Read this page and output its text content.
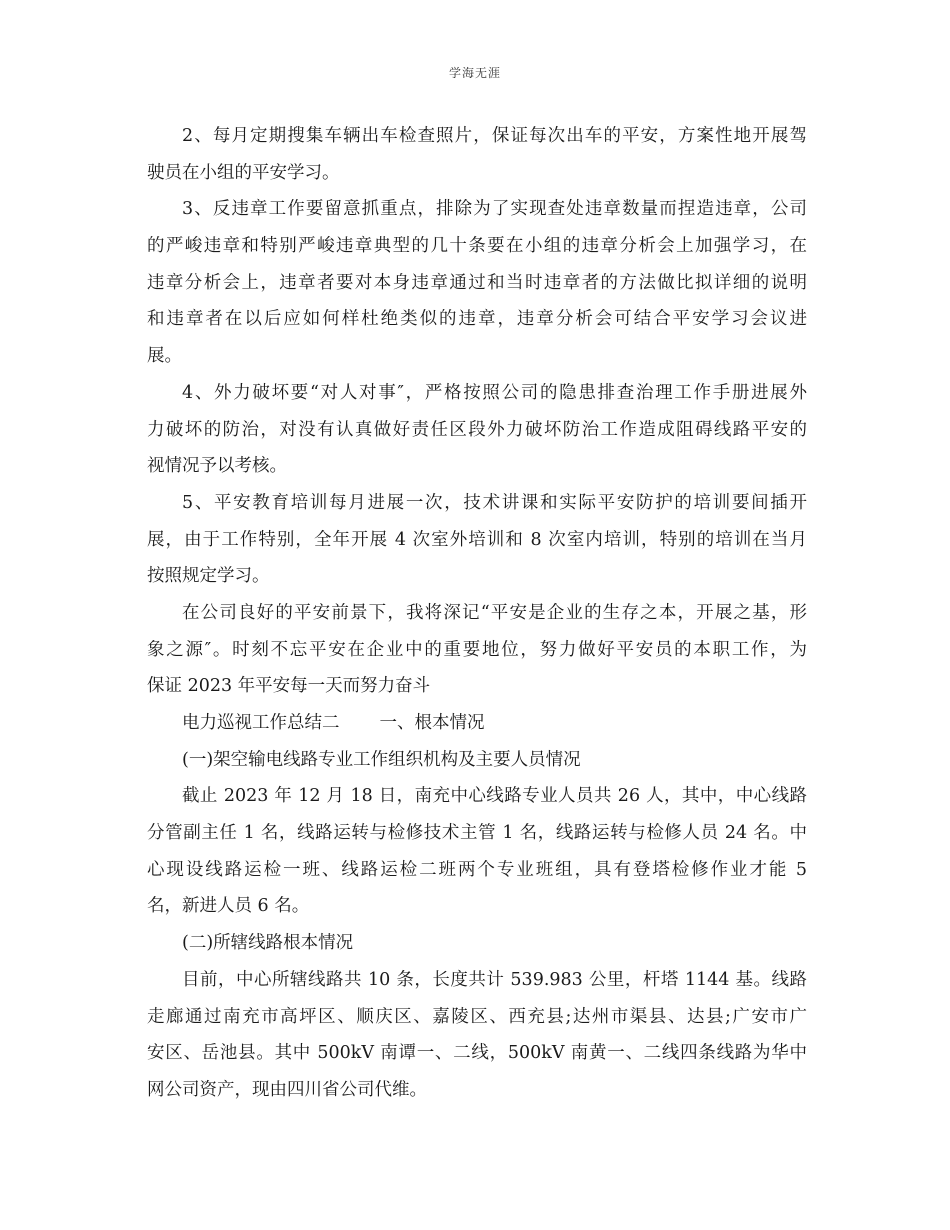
学海无涯
2、每月定期搜集车辆出车检查照片，保证每次出车的平安，方案性地开展驾
驶员在小组的平安学习。
3、反违章工作要留意抓重点，排除为了实现查处违章数量而捏造违章，公司
的严峻违章和特别严峻违章典型的几十条要在小组的违章分析会上加强学习，在
违章分析会上，违章者要对本身违章通过和当时违章者的方法做比拟详细的说明
和违章者在以后应如何样杜绝类似的违章，违章分析会可结合平安学习会议进
展。
4、外力破坏要“对人对事″，严格按照公司的隐患排查治理工作手册进展外
力破坏的防治，对没有认真做好责任区段外力破坏防治工作造成阻碍线路平安的
视情况予以考核。
5、平安教育培训每月进展一次，技术讲课和实际平安防护的培训要间插开
展，由于工作特别，全年开展 4 次室外培训和 8 次室内培训，特别的培训在当月
按照规定学习。
在公司良好的平安前景下，我将深记“平安是企业的生存之本，开展之基，形
象之源″。时刻不忘平安在企业中的重要地位，努力做好平安员的本职工作，为
保证 2023 年平安每一天而努力奋斗
电力巡视工作总结二 一、根本情况
(一)架空输电线路专业工作组织机构及主要人员情况
截止 2023 年 12 月 18 日，南充中心线路专业人员共 26 人，其中，中心线路
分管副主任 1 名，线路运转与检修技术主管 1 名，线路运转与检修人员 24 名。中
心现设线路运检一班、线路运检二班两个专业班组，具有登塔检修作业才能 5
名，新进人员 6 名。
(二)所辖线路根本情况
目前，中心所辖线路共 10 条，长度共计 539.983 公里，杆塔 1144 基。线路
走廊通过南充市高坪区、顺庆区、嘉陵区、西充县;达州市渠县、达县;广安市广
安区、岳池县。其中 500kV 南谭一、二线，500kV 南黄一、二线四条线路为华中
网公司资产，现由四川省公司代维。
